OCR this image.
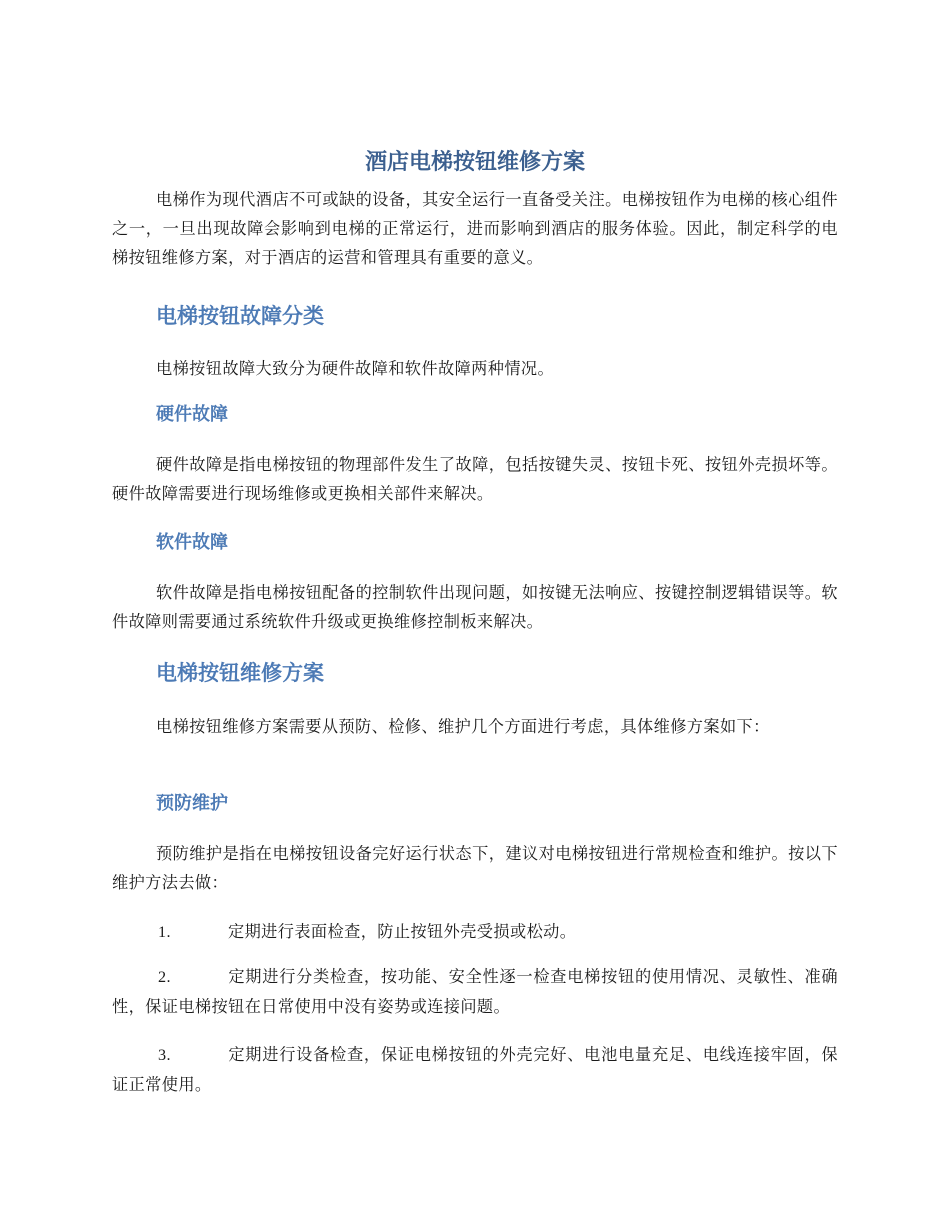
酒店电梯按钮维修方案
电梯作为现代酒店不可或缺的设备，其安全运行一直备受关注。电梯按钮作为电梯的核心组件之一，一旦出现故障会影响到电梯的正常运行，进而影响到酒店的服务体验。因此，制定科学的电梯按钮维修方案，对于酒店的运营和管理具有重要的意义。
电梯按钮故障分类
电梯按钮故障大致分为硬件故障和软件故障两种情况。
硬件故障
硬件故障是指电梯按钮的物理部件发生了故障，包括按键失灵、按钮卡死、按钮外壳损坏等。硬件故障需要进行现场维修或更换相关部件来解决。
软件故障
软件故障是指电梯按钮配备的控制软件出现问题，如按键无法响应、按键控制逻辑错误等。软件故障则需要通过系统软件升级或更换维修控制板来解决。
电梯按钮维修方案
电梯按钮维修方案需要从预防、检修、维护几个方面进行考虑，具体维修方案如下：
预防维护
预防维护是指在电梯按钮设备完好运行状态下，建议对电梯按钮进行常规检查和维护。按以下维护方法去做：
1.	定期进行表面检查，防止按钮外壳受损或松动。
2.	定期进行分类检查，按功能、安全性逐一检查电梯按钮的使用情况、灵敏性、准确性，保证电梯按钮在日常使用中没有姿势或连接问题。
3.	定期进行设备检查，保证电梯按钮的外壳完好、电池电量充足、电线连接牢固，保证正常使用。
